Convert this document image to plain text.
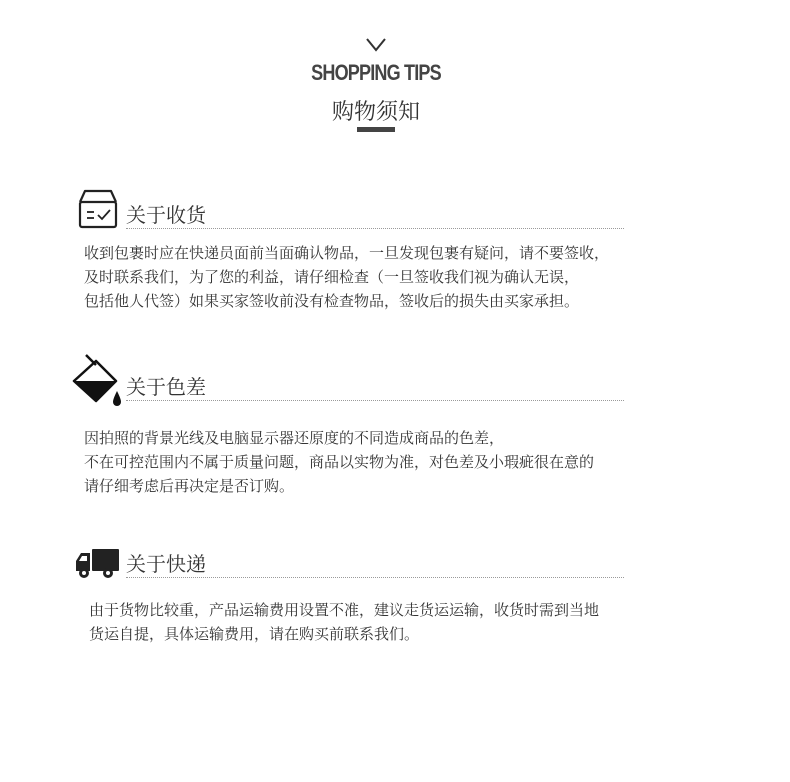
SHOPPING TIPS
购物须知
关于收货
收到包裹时应在快递员面前当面确认物品，一旦发现包裹有疑问，请不要签收，
及时联系我们，为了您的利益，请仔细检查（一旦签收我们视为确认无误，
包括他人代签）如果买家签收前没有检查物品，签收后的损失由买家承担。
关于色差
因拍照的背景光线及电脑显示器还原度的不同造成商品的色差，
不在可控范围内不属于质量问题，商品以实物为准，对色差及小瑕疵很在意的
请仔细考虑后再决定是否订购。
关于快递
由于货物比较重，产品运输费用设置不准，建议走货运运输，收货时需到当地
货运自提，具体运输费用，请在购买前联系我们。
